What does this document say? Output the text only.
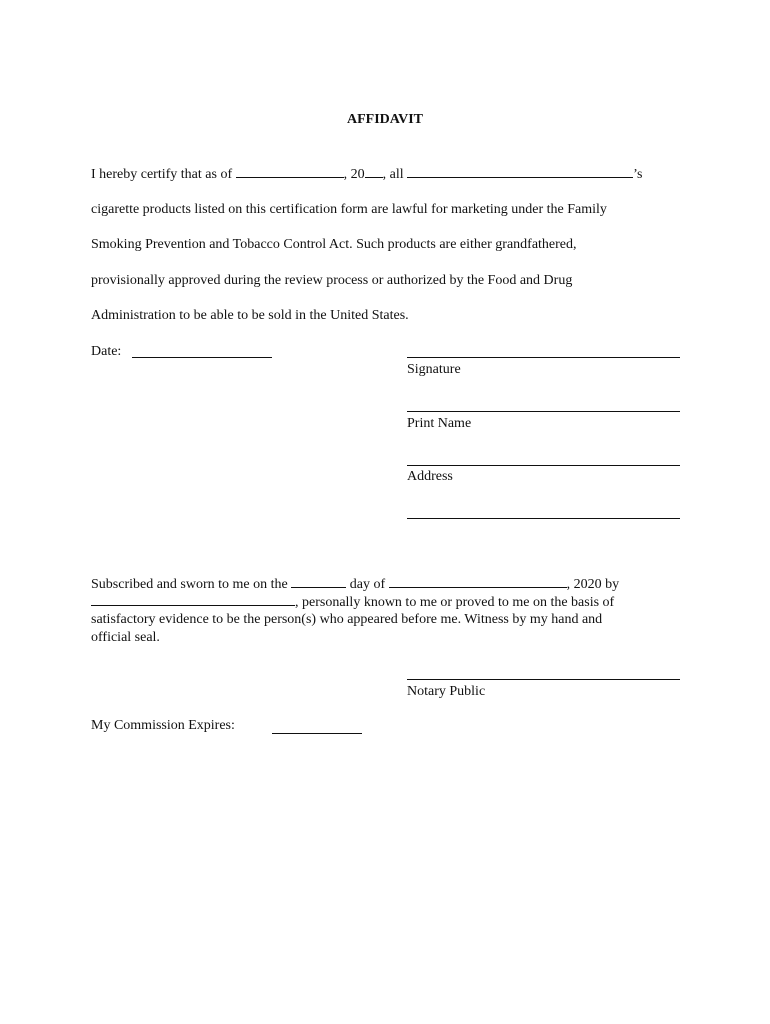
AFFIDAVIT
I hereby certify that as of	, 20 , all	’s
cigarette products listed on this certification form are lawful for marketing under the Family
Smoking Prevention and Tobacco Control Act. Such products are either grandfathered,
provisionally approved during the review process or authorized by the Food and Drug
Administration to be able to be sold in the United States.
Date:
Signature
Print Name
Address
Subscribed and sworn to me on the	day of	, 2020 by
, personally known to me or proved to me on the basis of
satisfactory evidence to be the person(s) who appeared before me. Witness by my hand and
official seal.
Notary Public
My Commission Expires:
